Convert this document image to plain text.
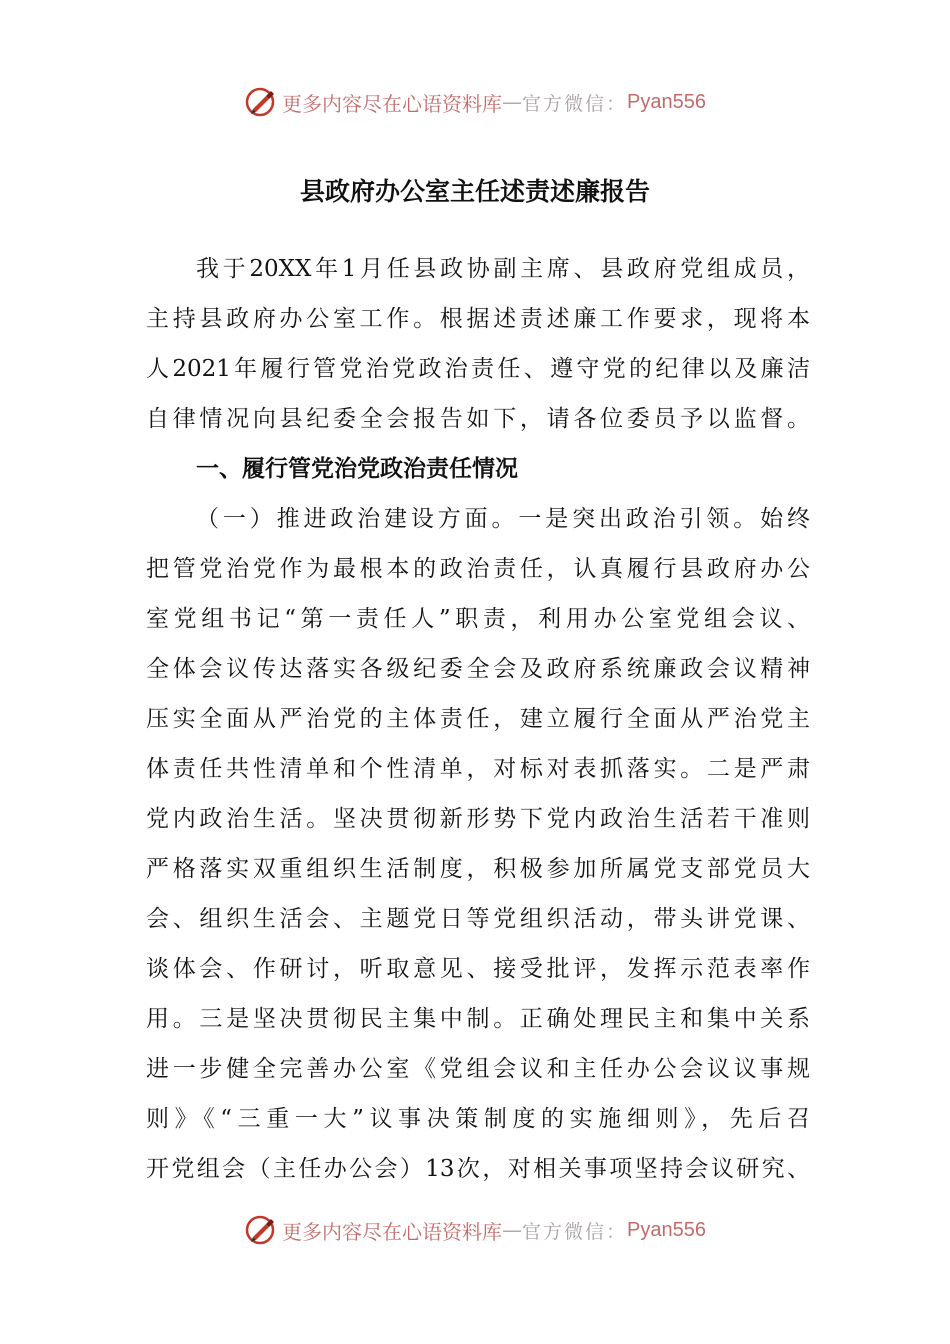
更多内容尽在心语资料库 — 官方微信： Pyan556
县政府办公室主任述责述廉报告
我于20XX年1月任县政协副主席、县政府党组成员，
主持县政府办公室工作。根据述责述廉工作要求，现将本
人2021年履行管党治党政治责任、遵守党的纪律以及廉洁
自律情况向县纪委全会报告如下，请各位委员予以监督。
一、履行管党治党政治责任情况
（一）推进政治建设方面。一是突出政治引领。始终
把管党治党作为最根本的政治责任，认真履行县政府办公
室党组书记“第一责任人”职责，利用办公室党组会议、
全体会议传达落实各级纪委全会及政府系统廉政会议精神
压实全面从严治党的主体责任，建立履行全面从严治党主
体责任共性清单和个性清单，对标对表抓落实。二是严肃
党内政治生活。坚决贯彻新形势下党内政治生活若干准则
严格落实双重组织生活制度，积极参加所属党支部党员大
会、组织生活会、主题党日等党组织活动，带头讲党课、
谈体会、作研讨，听取意见、接受批评，发挥示范表率作
用。三是坚决贯彻民主集中制。正确处理民主和集中关系
进一步健全完善办公室《党组会议和主任办公会议议事规
则》《“三重一大”议事决策制度的实施细则》，先后召
开党组会（主任办公会）13次，对相关事项坚持会议研究、
更多内容尽在心语资料库 — 官方微信： Pyan556
